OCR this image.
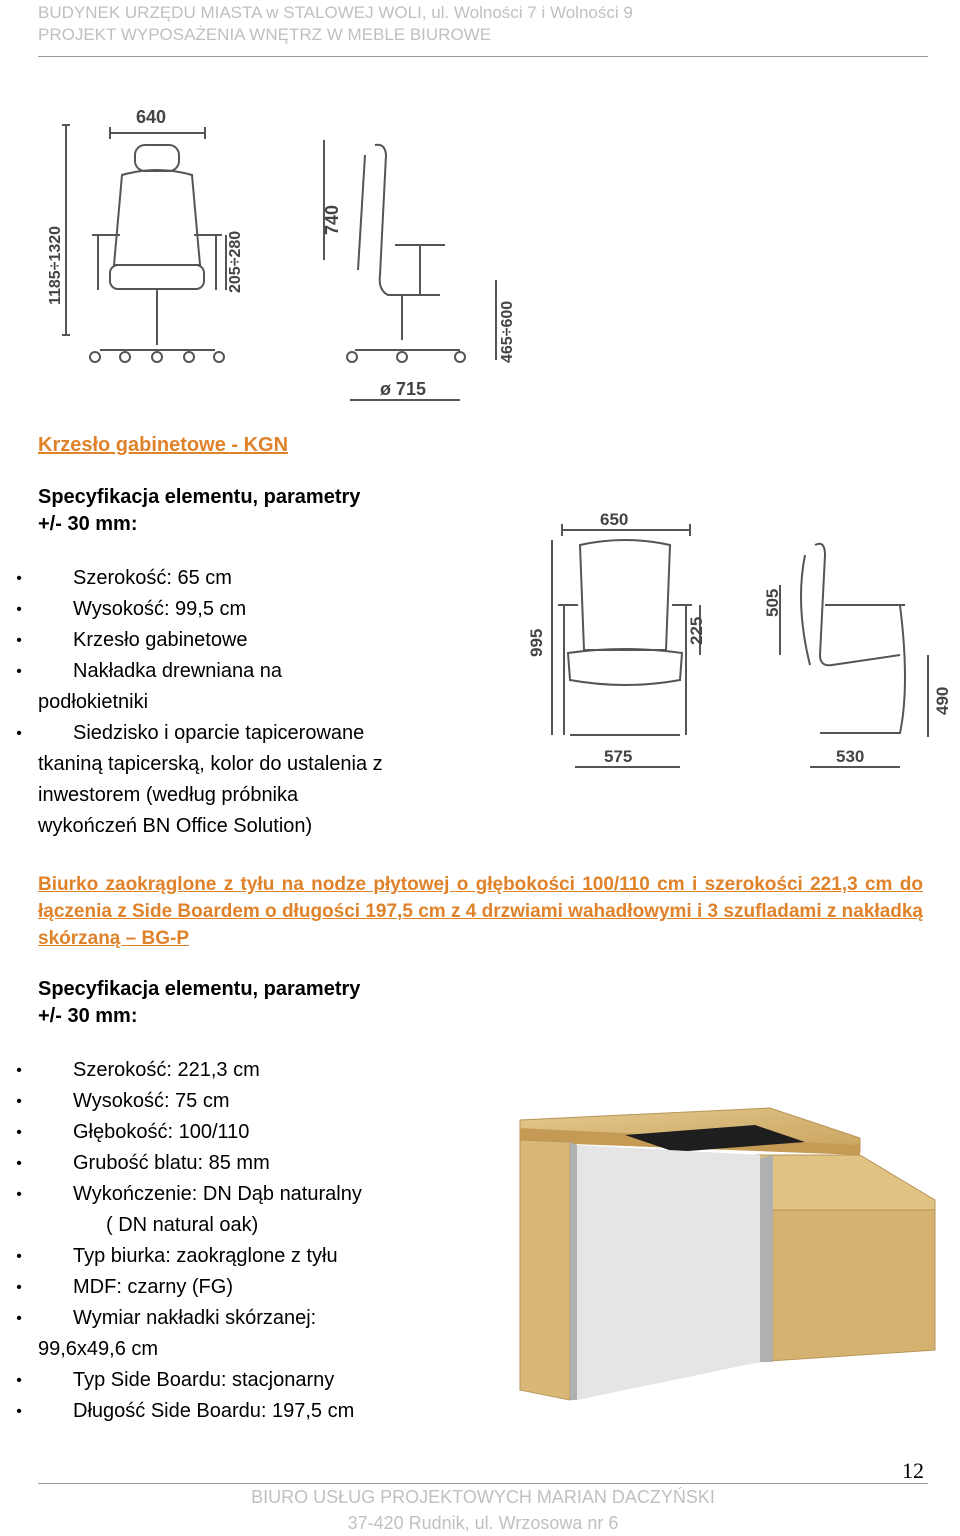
BUDYNEK URZĘDU MIASTA w STALOWEJ WOLI, ul. Wolności 7 i Wolności 9
PROJEKT WYPOSAŻENIA WNĘTRZ W MEBLE BIUROWE
640
1185÷1320	205÷280
740
465÷600
ø 715
Krzesło gabinetowe - KGN
Specyfikacja elementu, parametry
+/- 30 mm:
• Szerokość: 65 cm
• Wysokość: 99,5 cm
• Krzesło gabinetowe
• Nakładka drewniana na
podłokietniki
• Siedzisko i oparcie tapicerowane
tkaniną tapicerską, kolor do ustalenia z
inwestorem (według próbnika
wykończeń BN Office Solution)
650
995	225
575
505
490
530
Biurko zaokrąglone z tyłu na nodze płytowej o głębokości 100/110 cm i szerokości 221,3 cm do łączenia z Side Boardem o długości 197,5 cm z 4 drzwiami wahadłowymi i 3 szufladami z nakładką skórzaną – BG-P
Specyfikacja elementu, parametry
+/- 30 mm:
• Szerokość: 221,3 cm
• Wysokość: 75 cm
• Głębokość: 100/110
• Grubość blatu: 85 mm
• Wykończenie: DN Dąb naturalny
( DN natural oak)
• Typ biurka: zaokrąglone z tyłu
• MDF: czarny (FG)
• Wymiar nakładki skórzanej:
99,6x49,6 cm
• Typ Side Boardu: stacjonarny
• Długość Side Boardu: 197,5 cm
12
BIURO USŁUG PROJEKTOWYCH MARIAN DACZYŃSKI
37-420 Rudnik, ul. Wrzosowa nr 6
